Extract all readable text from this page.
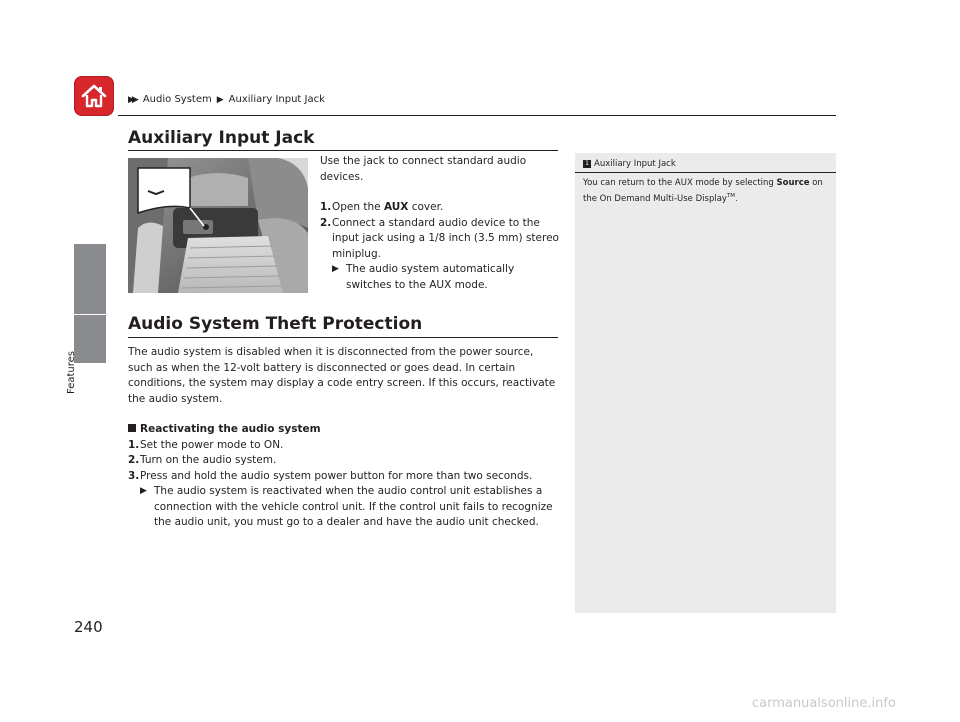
▶▶ Audio System ▶ Auxiliary Input Jack
Features
Auxiliary Input Jack
Use the jack to connect standard audio devices.
1. Open the AUX cover.
2. Connect a standard audio device to the input jack using a 1/8 inch (3.5 mm) stereo miniplug.
▶ The audio system automatically switches to the AUX mode.
Audio System Theft Protection
The audio system is disabled when it is disconnected from the power source, such as when the 12-volt battery is disconnected or goes dead. In certain conditions, the system may display a code entry screen. If this occurs, reactivate the audio system.
Reactivating the audio system
1. Set the power mode to ON.
2. Turn on the audio system.
3. Press and hold the audio system power button for more than two seconds.
▶ The audio system is reactivated when the audio control unit establishes a connection with the vehicle control unit. If the control unit fails to recognize the audio unit, you must go to a dealer and have the audio unit checked.
1 Auxiliary Input Jack
You can return to the AUX mode by selecting Source on the On Demand Multi-Use Display™.
240
carmanualsonline.info
